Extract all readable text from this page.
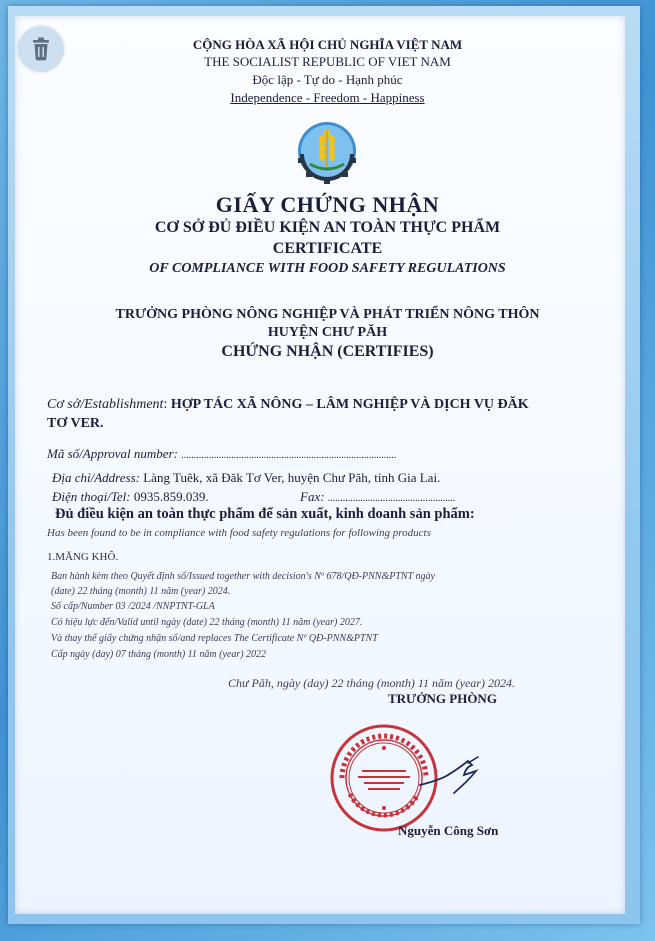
CỘNG HÒA XÃ HỘI CHỦ NGHĨA VIỆT NAM
THE SOCIALIST REPUBLIC OF VIET NAM
Độc lập - Tự do - Hạnh phúc
Independence - Freedom - Happiness
GIẤY CHỨNG NHẬN
CƠ SỞ ĐỦ ĐIỀU KIỆN AN TOÀN THỰC PHẨM
CERTIFICATE
OF COMPLIANCE WITH FOOD SAFETY REGULATIONS
TRƯỞNG PHÒNG NÔNG NGHIỆP VÀ PHÁT TRIỂN NÔNG THÔN
HUYỆN CHƯ PĂH
CHỨNG NHẬN (CERTIFIES)
Cơ sở/Establishment: HỢP TÁC XÃ NÔNG – LÂM NGHIỆP VÀ DỊCH VỤ ĐĂK
TƠ VER.
Mã số/Approval number: ......................................................................................
Địa chỉ/Address: Làng Tuêk, xã Đăk Tơ Ver, huyện Chư Păh, tỉnh Gia Lai.
Điện thoại/Tel: 0935.859.039.	Fax: ...................................................
Đủ điều kiện an toàn thực phẩm để sản xuất, kinh doanh sản phẩm:
Has been found to be in compliance with food safety regulations for following products
1.MĂNG KHÔ.
Ban hành kèm theo Quyết định số/Issued together with decision's Nº 678/QĐ-PNN&PTNT ngày
(date) 22 tháng (month) 11 năm (year) 2024.
Số cấp/Number 03 /2024 /NNPTNT-GLA
Có hiệu lực đến/Valid until ngày (date) 22 tháng (month) 11 năm (year) 2027.
Và thay thế giấy chứng nhận số/and replaces The Certificate Nº QĐ-PNN&PTNT
Cấp ngày (day) 07 tháng (month) 11 năm (year) 2022
Chư Păh, ngày (day) 22 tháng (month) 11 năm (year) 2024.
TRƯỞNG PHÒNG
Nguyễn Công Sơn
